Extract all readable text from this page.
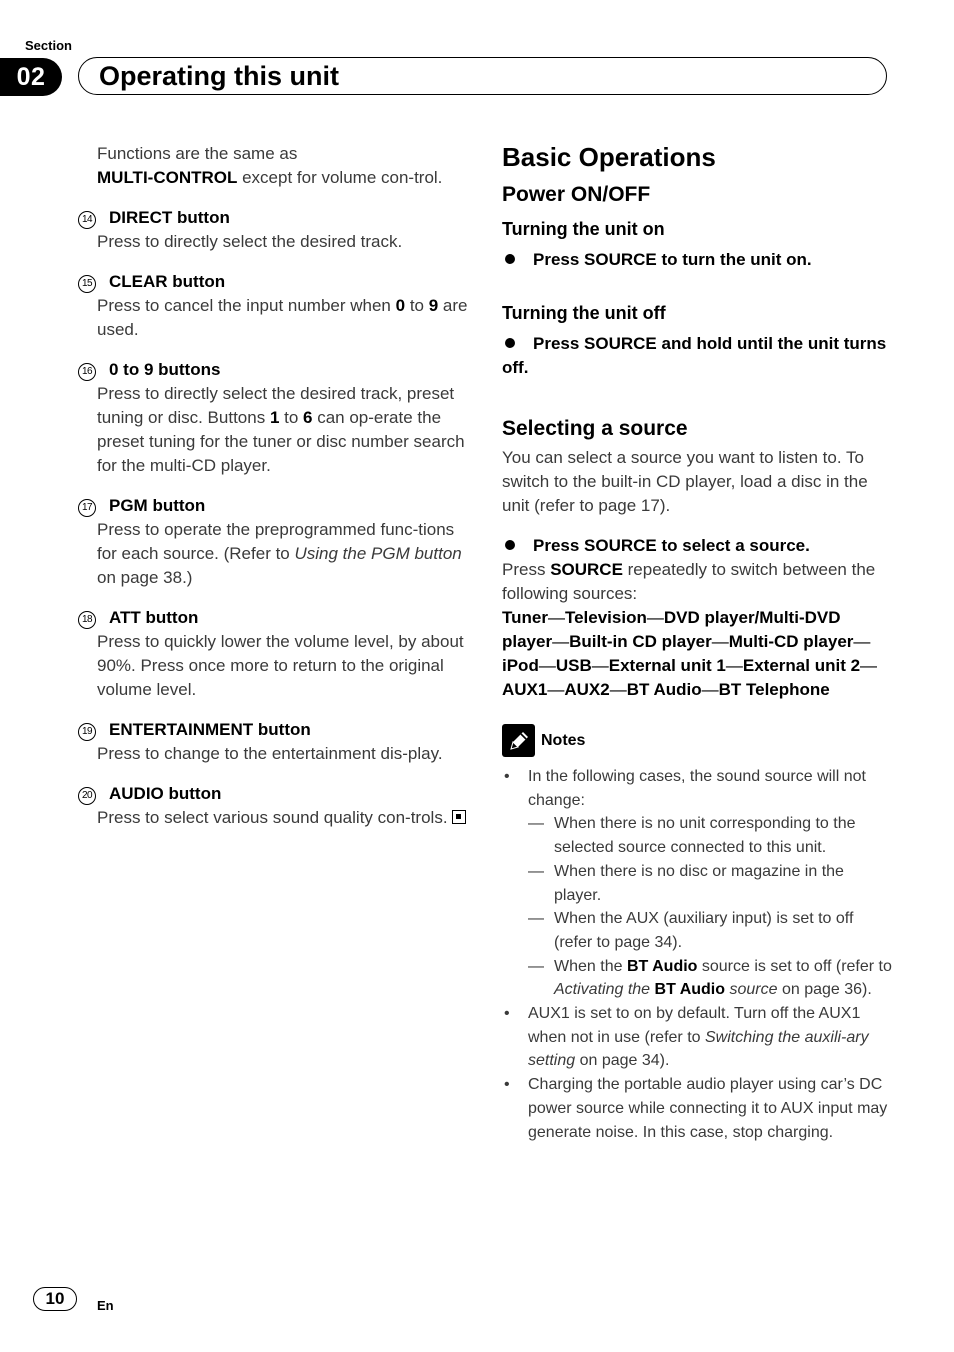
Section
02	Operating this unit
Functions are the same as
MULTI-CONTROL except for volume con-trol.
14 DIRECT button
Press to directly select the desired track.
15 CLEAR button
Press to cancel the input number when 0 to 9 are used.
16 0 to 9 buttons
Press to directly select the desired track, preset tuning or disc. Buttons 1 to 6 can op-erate the preset tuning for the tuner or disc number search for the multi-CD player.
17 PGM button
Press to operate the preprogrammed func-tions for each source. (Refer to Using the PGM button on page 38.)
18 ATT button
Press to quickly lower the volume level, by about 90%. Press once more to return to the original volume level.
19 ENTERTAINMENT button
Press to change to the entertainment dis-play.
20 AUDIO button
Press to select various sound quality con-trols.
Basic Operations
Power ON/OFF
Turning the unit on
Press SOURCE to turn the unit on.
Turning the unit off
Press SOURCE and hold until the unit turns off.
Selecting a source
You can select a source you want to listen to. To switch to the built-in CD player, load a disc in the unit (refer to page 17).
Press SOURCE to select a source.
Press SOURCE repeatedly to switch between the following sources:
Tuner—Television—DVD player/Multi-DVD player—Built-in CD player—Multi-CD player—iPod—USB—External unit 1—External unit 2—AUX1—AUX2—BT Audio—BT Telephone
Notes
•	In the following cases, the sound source will not change:
— When there is no unit corresponding to the selected source connected to this unit.
— When there is no disc or magazine in the player.
— When the AUX (auxiliary input) is set to off (refer to page 34).
— When the BT Audio source is set to off (refer to Activating the BT Audio source on page 36).
•	AUX1 is set to on by default. Turn off the AUX1 when not in use (refer to Switching the auxili-ary setting on page 34).
•	Charging the portable audio player using car’s DC power source while connecting it to AUX input may generate noise. In this case, stop charging.
10	En
